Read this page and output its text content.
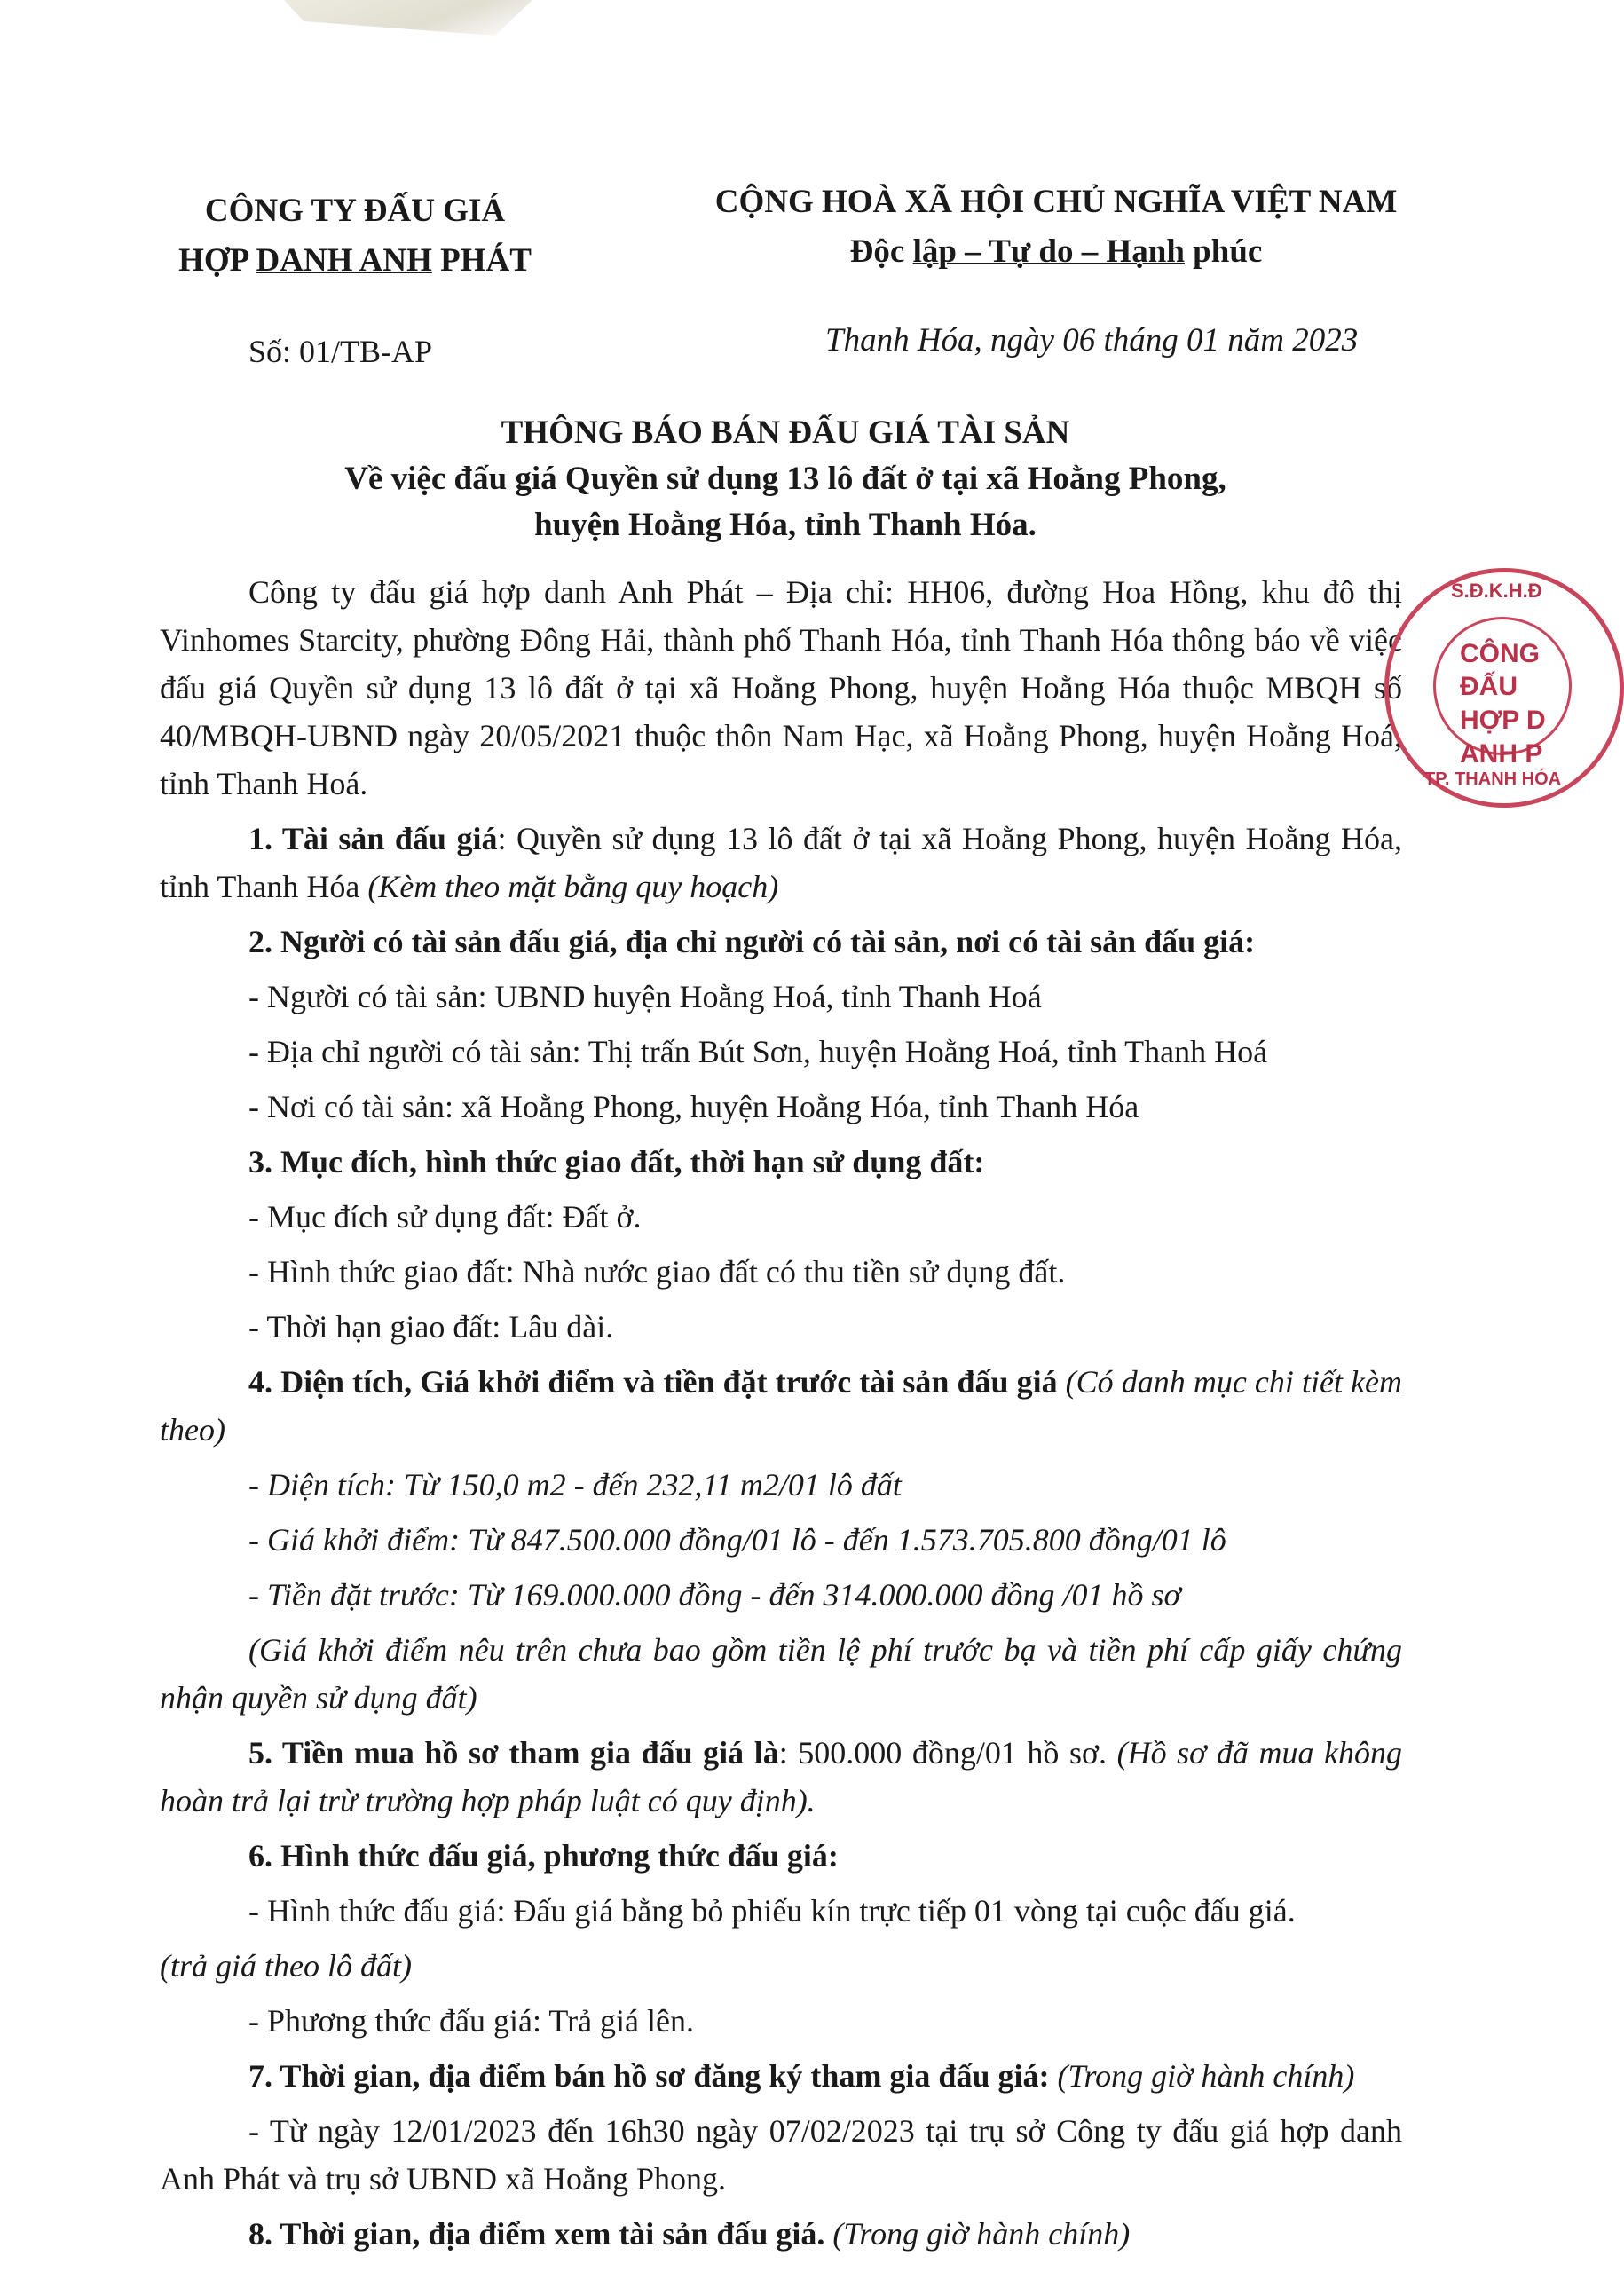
CÔNG TY ĐẤU GIÁ
HỢP DANH ANH PHÁT
CỘNG HOÀ XÃ HỘI CHỦ NGHĨA VIỆT NAM
Độc lập – Tự do – Hạnh phúc
Số: 01/TB-AP	Thanh Hóa, ngày 06 tháng 01 năm 2023
THÔNG BÁO BÁN ĐẤU GIÁ TÀI SẢN
Về việc đấu giá Quyền sử dụng 13 lô đất ở tại xã Hoằng Phong,
huyện Hoằng Hóa, tỉnh Thanh Hóa.

Công ty đấu giá hợp danh Anh Phát – Địa chỉ: HH06, đường Hoa Hồng, khu đô thị Vinhomes Starcity, phường Đông Hải, thành phố Thanh Hóa, tỉnh Thanh Hóa thông báo về việc đấu giá Quyền sử dụng 13 lô đất ở tại xã Hoằng Phong, huyện Hoằng Hóa thuộc MBQH số 40/MBQH-UBND ngày 20/05/2021 thuộc thôn Nam Hạc, xã Hoằng Phong, huyện Hoằng Hoá, tỉnh Thanh Hoá.

1. Tài sản đấu giá: Quyền sử dụng 13 lô đất ở tại xã Hoằng Phong, huyện Hoằng Hóa, tỉnh Thanh Hóa (Kèm theo mặt bằng quy hoạch)

2. Người có tài sản đấu giá, địa chỉ người có tài sản, nơi có tài sản đấu giá:

- Người có tài sản: UBND huyện Hoằng Hoá, tỉnh Thanh Hoá

- Địa chỉ người có tài sản: Thị trấn Bút Sơn, huyện Hoằng Hoá, tỉnh Thanh Hoá

- Nơi có tài sản: xã Hoằng Phong, huyện Hoằng Hóa, tỉnh Thanh Hóa

3. Mục đích, hình thức giao đất, thời hạn sử dụng đất:

- Mục đích sử dụng đất: Đất ở.

- Hình thức giao đất: Nhà nước giao đất có thu tiền sử dụng đất.

- Thời hạn giao đất: Lâu dài.

4. Diện tích, Giá khởi điểm và tiền đặt trước tài sản đấu giá (Có danh mục chi tiết kèm theo)

- Diện tích: Từ 150,0 m2 - đến 232,11 m2/01 lô đất

- Giá khởi điểm: Từ 847.500.000 đồng/01 lô - đến 1.573.705.800 đồng/01 lô

- Tiền đặt trước: Từ 169.000.000 đồng - đến 314.000.000 đồng /01 hồ sơ

(Giá khởi điểm nêu trên chưa bao gồm tiền lệ phí trước bạ và tiền phí cấp giấy chứng nhận quyền sử dụng đất)

5. Tiền mua hồ sơ tham gia đấu giá là: 500.000 đồng/01 hồ sơ. (Hồ sơ đã mua không hoàn trả lại trừ trường hợp pháp luật có quy định).

6. Hình thức đấu giá, phương thức đấu giá:

- Hình thức đấu giá: Đấu giá bằng bỏ phiếu kín trực tiếp 01 vòng tại cuộc đấu giá.

(trả giá theo lô đất)

- Phương thức đấu giá: Trả giá lên.

7. Thời gian, địa điểm bán hồ sơ đăng ký tham gia đấu giá: (Trong giờ hành chính)

- Từ ngày 12/01/2023 đến 16h30 ngày 07/02/2023 tại trụ sở Công ty đấu giá hợp danh Anh Phát và trụ sở UBND xã Hoằng Phong.

8. Thời gian, địa điểm xem tài sản đấu giá. (Trong giờ hành chính)

S.Đ.K.H.Đ
CÔNG
ĐẤU
HỢP D
ANH P
TP. THANH HÓA
